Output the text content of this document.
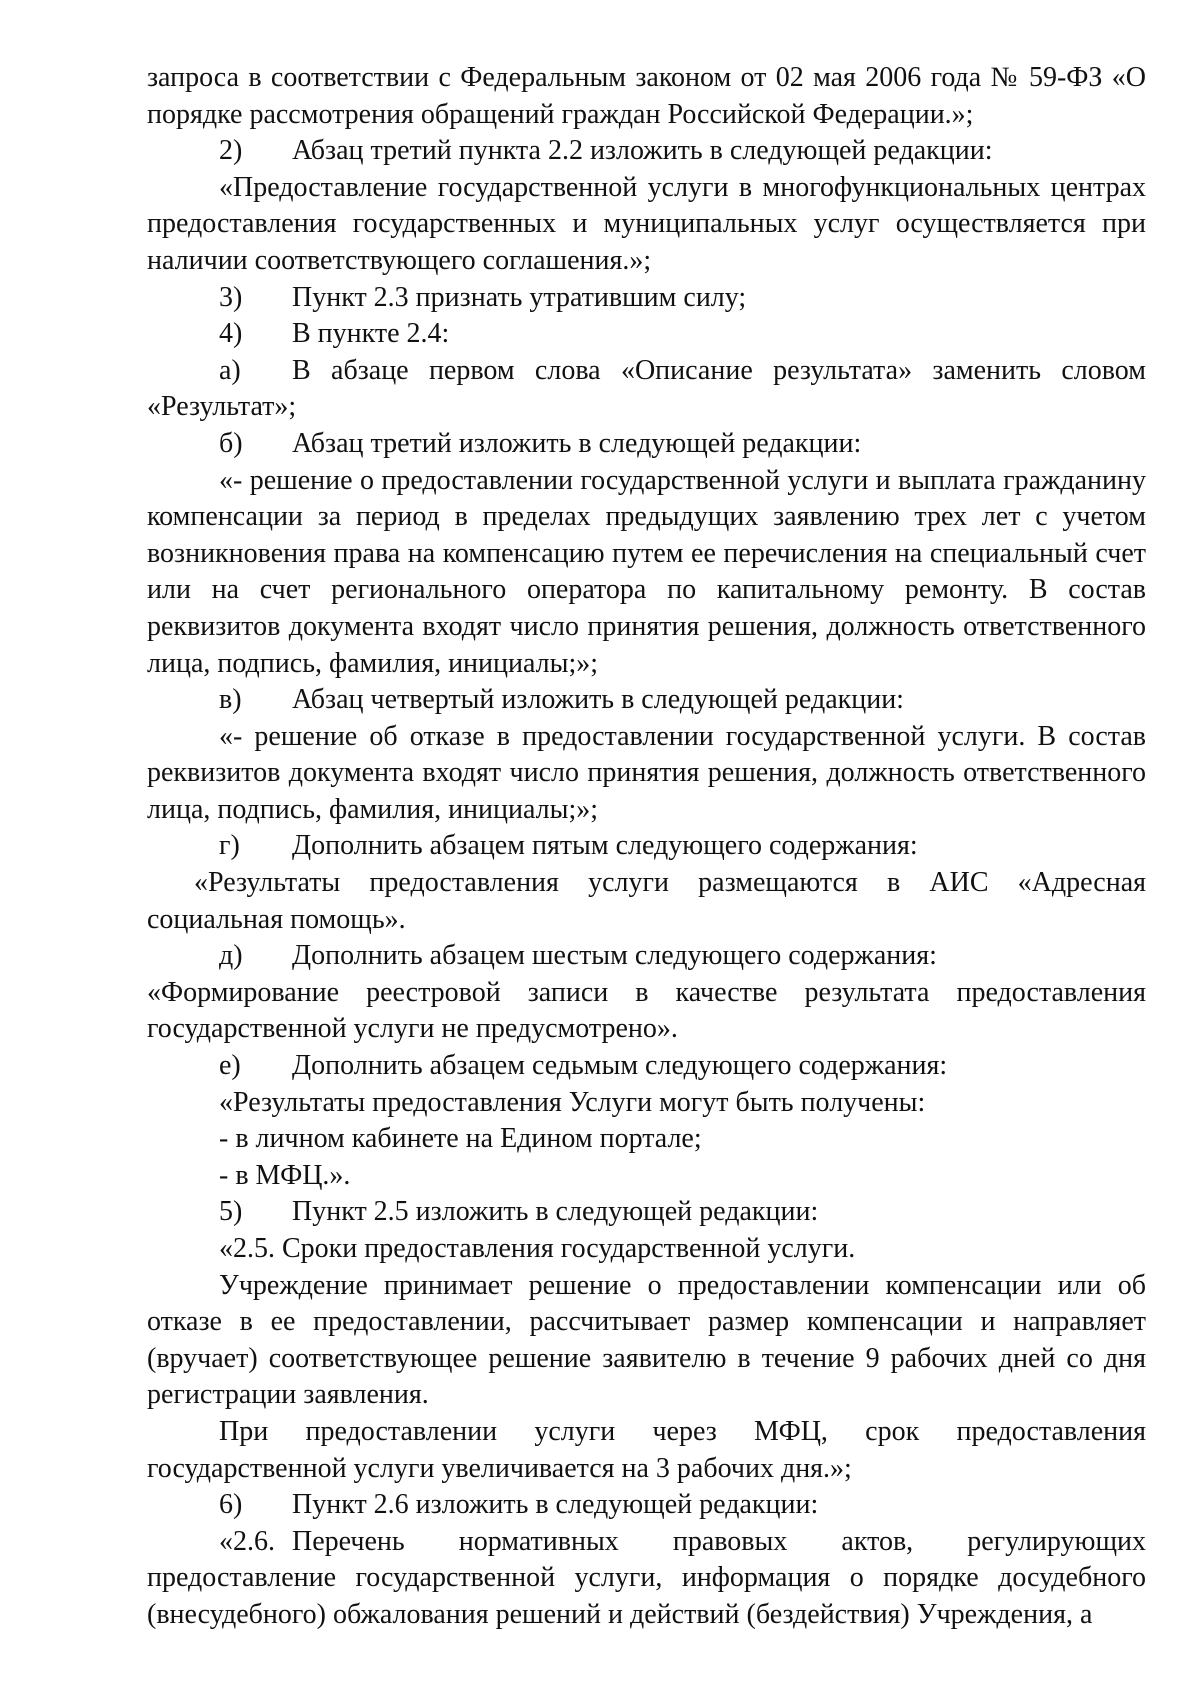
запроса в соответствии с Федеральным законом от 02 мая 2006 года № 59-ФЗ «О порядке рассмотрения обращений граждан Российской Федерации.»;

2)	Абзац третий пункта 2.2 изложить в следующей редакции:

«Предоставление государственной услуги в многофункциональных центрах предоставления государственных и муниципальных услуг осуществляется при наличии соответствующего соглашения.»;

3)	Пункт 2.3 признать утратившим силу;
4)	В пункте 2.4:

а) В абзаце первом слова «Описание результата» заменить словом «Результат»;

б)	Абзац третий изложить в следующей редакции:

«- решение о предоставлении государственной услуги и выплата гражданину компенсации за период в пределах предыдущих заявлению трех лет с учетом возникновения права на компенсацию путем ее перечисления на специальный счет или на счет регионального оператора по капитальному ремонту. В состав реквизитов документа входят число принятия решения, должность ответственного лица, подпись, фамилия, инициалы;»;

в)	Абзац четвертый изложить в следующей редакции:

«- решение об отказе в предоставлении государственной услуги. В состав реквизитов документа входят число принятия решения, должность ответственного лица, подпись, фамилия, инициалы;»;

г)	Дополнить абзацем пятым следующего содержания:

«Результаты предоставления услуги размещаются в АИС «Адресная социальная помощь».

д)	Дополнить абзацем шестым следующего содержания:

«Формирование реестровой записи в качестве результата предоставления государственной услуги не предусмотрено».

е)	Дополнить абзацем седьмым следующего содержания:

«Результаты предоставления Услуги могут быть получены:

- в личном кабинете на Едином портале;

- в МФЦ.».

5)	Пункт 2.5 изложить в следующей редакции:

«2.5. Сроки предоставления государственной услуги.

Учреждение принимает решение о предоставлении компенсации или об отказе в ее предоставлении, рассчитывает размер компенсации и направляет (вручает) соответствующее решение заявителю в течение 9 рабочих дней со дня регистрации заявления.

При предоставлении услуги через МФЦ, срок предоставления государственной услуги увеличивается на 3 рабочих дня.»;

6)	Пункт 2.6 изложить в следующей редакции:

«2.6. Перечень нормативных правовых актов, регулирующих предоставление государственной услуги, информация о порядке досудебного (внесудебного) обжалования решений и действий (бездействия) Учреждения, а
